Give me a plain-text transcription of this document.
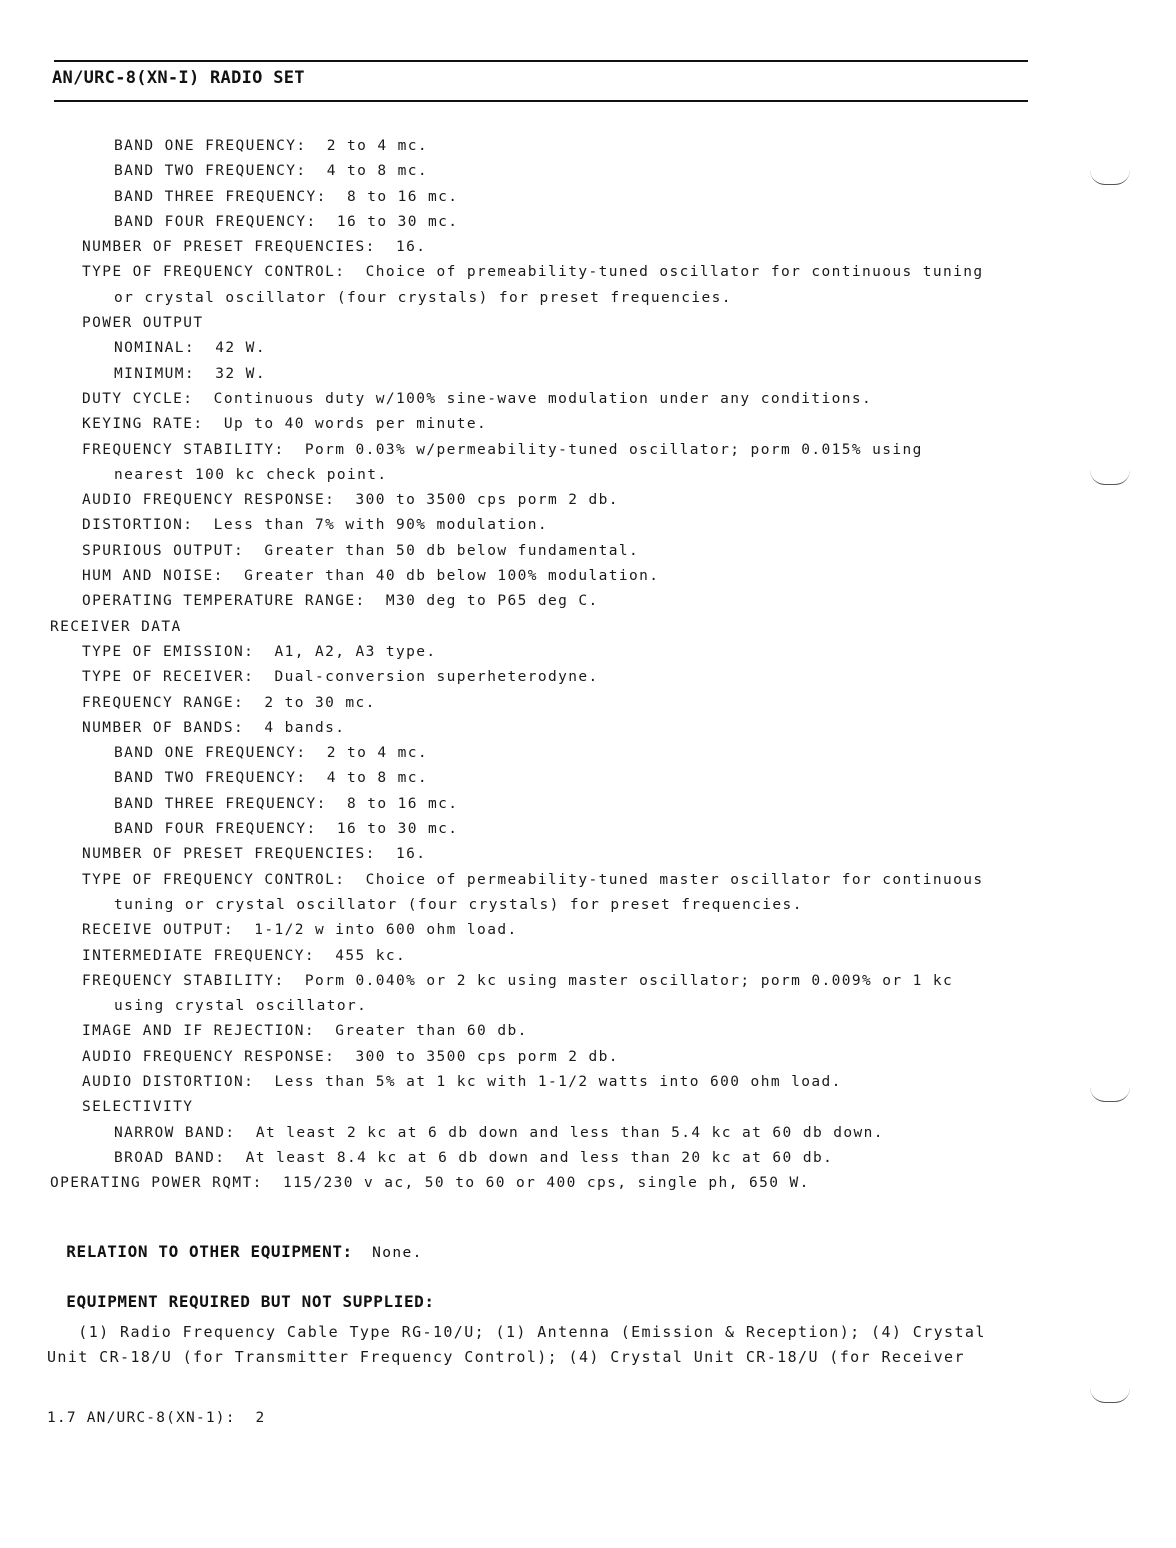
AN/URC-8(XN-I) RADIO SET
BAND ONE FREQUENCY:  2 to 4 mc.
BAND TWO FREQUENCY:  4 to 8 mc.
BAND THREE FREQUENCY:  8 to 16 mc.
BAND FOUR FREQUENCY:  16 to 30 mc.
NUMBER OF PRESET FREQUENCIES:  16.
TYPE OF FREQUENCY CONTROL:  Choice of premeability-tuned oscillator for continuous tuning
or crystal oscillator (four crystals) for preset frequencies.
POWER OUTPUT
NOMINAL:  42 W.
MINIMUM:  32 W.
DUTY CYCLE:  Continuous duty w/100% sine-wave modulation under any conditions.
KEYING RATE:  Up to 40 words per minute.
FREQUENCY STABILITY:  Porm 0.03% w/permeability-tuned oscillator; porm 0.015% using
nearest 100 kc check point.
AUDIO FREQUENCY RESPONSE:  300 to 3500 cps porm 2 db.
DISTORTION:  Less than 7% with 90% modulation.
SPURIOUS OUTPUT:  Greater than 50 db below fundamental.
HUM AND NOISE:  Greater than 40 db below 100% modulation.
OPERATING TEMPERATURE RANGE:  M30 deg to P65 deg C.
RECEIVER DATA
TYPE OF EMISSION:  A1, A2, A3 type.
TYPE OF RECEIVER:  Dual-conversion superheterodyne.
FREQUENCY RANGE:  2 to 30 mc.
NUMBER OF BANDS:  4 bands.
BAND ONE FREQUENCY:  2 to 4 mc.
BAND TWO FREQUENCY:  4 to 8 mc.
BAND THREE FREQUENCY:  8 to 16 mc.
BAND FOUR FREQUENCY:  16 to 30 mc.
NUMBER OF PRESET FREQUENCIES:  16.
TYPE OF FREQUENCY CONTROL:  Choice of permeability-tuned master oscillator for continuous
tuning or crystal oscillator (four crystals) for preset frequencies.
RECEIVE OUTPUT:  1-1/2 w into 600 ohm load.
INTERMEDIATE FREQUENCY:  455 kc.
FREQUENCY STABILITY:  Porm 0.040% or 2 kc using master oscillator; porm 0.009% or 1 kc
using crystal oscillator.
IMAGE AND IF REJECTION:  Greater than 60 db.
AUDIO FREQUENCY RESPONSE:  300 to 3500 cps porm 2 db.
AUDIO DISTORTION:  Less than 5% at 1 kc with 1-1/2 watts into 600 ohm load.
SELECTIVITY
NARROW BAND:  At least 2 kc at 6 db down and less than 5.4 kc at 60 db down.
BROAD BAND:  At least 8.4 kc at 6 db down and less than 20 kc at 60 db.
OPERATING POWER RQMT:  115/230 v ac, 50 to 60 or 400 cps, single ph, 650 W.

RELATION TO OTHER EQUIPMENT: None.

EQUIPMENT REQUIRED BUT NOT SUPPLIED:

(1) Radio Frequency Cable Type RG-10/U; (1) Antenna (Emission & Reception); (4) Crystal
Unit CR-18/U (for Transmitter Frequency Control); (4) Crystal Unit CR-18/U (for Receiver
1.7 AN/URC-8(XN-1):  2
